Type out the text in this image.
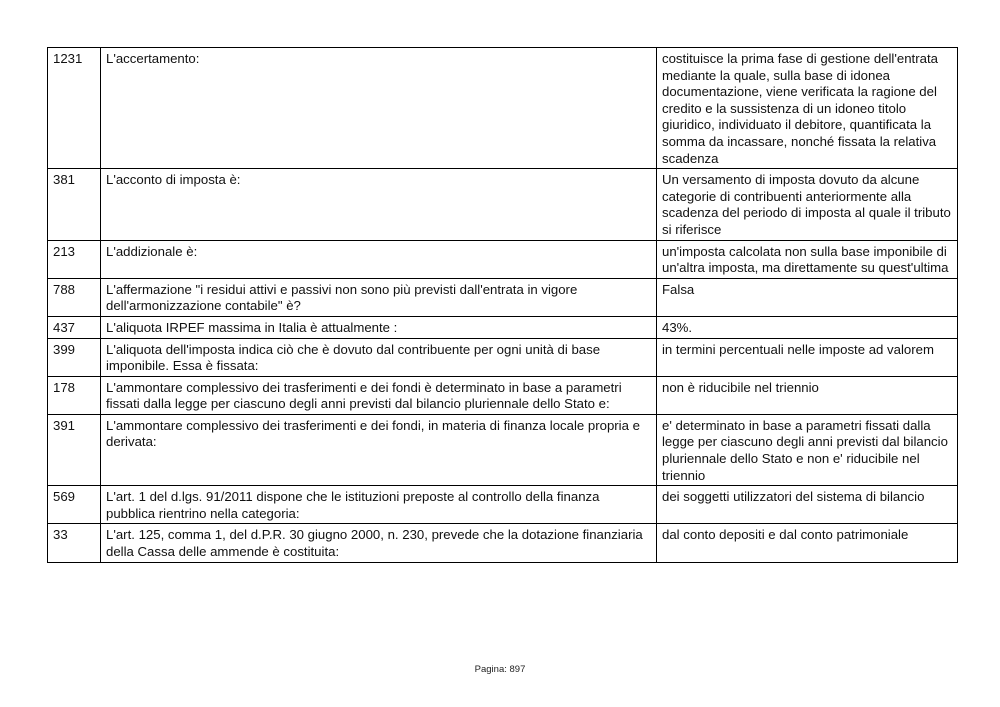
1231	L'accertamento:	costituisce la prima fase di gestione dell'entrata mediante la quale, sulla base di idonea documentazione, viene verificata la ragione del credito e la sussistenza di un idoneo titolo giuridico, individuato il debitore, quantificata la somma da incassare, nonché fissata la relativa scadenza
381	L'acconto di imposta è:	Un versamento di imposta dovuto da alcune categorie di contribuenti anteriormente alla scadenza del periodo di imposta al quale il tributo si riferisce
213	L'addizionale è:	un'imposta calcolata non sulla base imponibile di un'altra imposta, ma direttamente su quest'ultima
788	L'affermazione "i residui attivi e passivi non sono più previsti dall'entrata in vigore dell'armonizzazione contabile" è?	Falsa
437	L'aliquota IRPEF massima in Italia è attualmente :	43%.
399	L'aliquota dell'imposta indica ciò che è dovuto dal contribuente per ogni unità di base imponibile. Essa è fissata:	in termini percentuali nelle imposte ad valorem
178	L'ammontare complessivo dei trasferimenti e dei fondi è determinato in base a parametri fissati dalla legge per ciascuno degli anni previsti dal bilancio pluriennale dello Stato e:	non è riducibile nel triennio
391	L'ammontare complessivo dei trasferimenti e dei fondi, in materia di finanza locale propria e derivata:	e' determinato in base a parametri fissati dalla legge per ciascuno degli anni previsti dal bilancio pluriennale dello Stato e non e' riducibile nel triennio
569	L'art. 1 del d.lgs. 91/2011 dispone che le istituzioni preposte al controllo della finanza pubblica rientrino nella categoria:	dei soggetti utilizzatori del sistema di bilancio
33	L'art. 125, comma 1, del d.P.R. 30 giugno 2000, n. 230, prevede che la dotazione finanziaria della Cassa delle ammende è costituita:	dal conto depositi e dal conto patrimoniale
Pagina: 897
